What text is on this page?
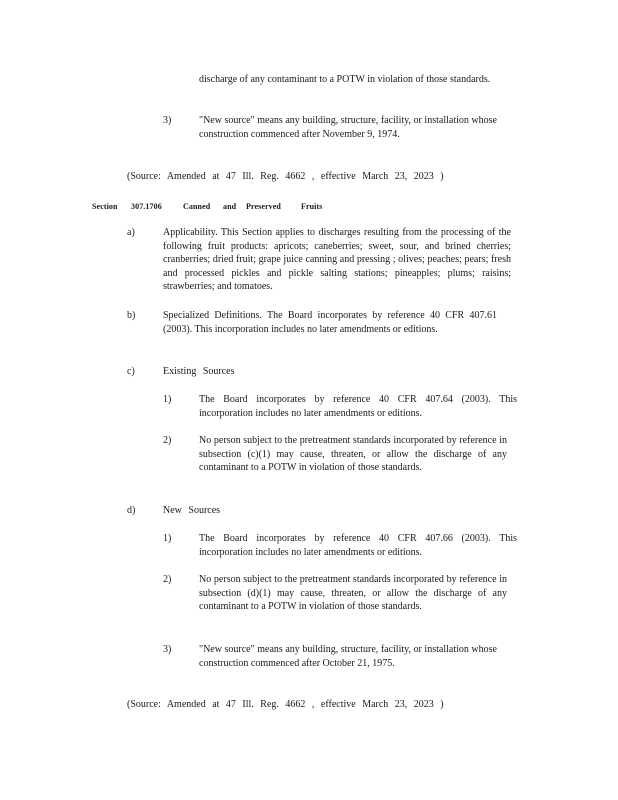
discharge of any contaminant to a POTW in violation of those standards.

3)	"New source" means any building, structure, facility, or installation whose construction commenced after November 9, 1974.

(Source: Amended at 47 Ill. Reg. 4662 , effective March 23, 2023 )

Section 307.1706	Canned and Preserved	Fruits
a)	Applicability. This Section applies to discharges resulting from the processing of the following fruit products: apricots; caneberries; sweet, sour, and brined cherries; cranberries; dried fruit; grape juice canning and pressing ; olives; peaches; pears; fresh and processed pickles and pickle salting stations; pineapples; plums; raisins; strawberries; and tomatoes.

b)	Specialized Definitions. The Board incorporates by reference 40 CFR 407.61 (2003). This incorporation includes no later amendments or editions.

c)	Existing Sources
1)	The Board incorporates by reference 40 CFR 407.64 (2003). This incorporation includes no later amendments or editions.

2)	No person subject to the pretreatment standards incorporated by reference in subsection (c)(1) may cause, threaten, or allow the discharge of any contaminant to a POTW in violation of those standards.

d)	New Sources
1)	The Board incorporates by reference 40 CFR 407.66 (2003). This incorporation includes no later amendments or editions.

2)	No person subject to the pretreatment standards incorporated by reference in subsection (d)(1) may cause, threaten, or allow the discharge of any contaminant to a POTW in violation of those standards.

3)	"New source" means any building, structure, facility, or installation whose construction commenced after October 21, 1975.

(Source: Amended at 47 Ill. Reg. 4662 , effective March 23, 2023 )
